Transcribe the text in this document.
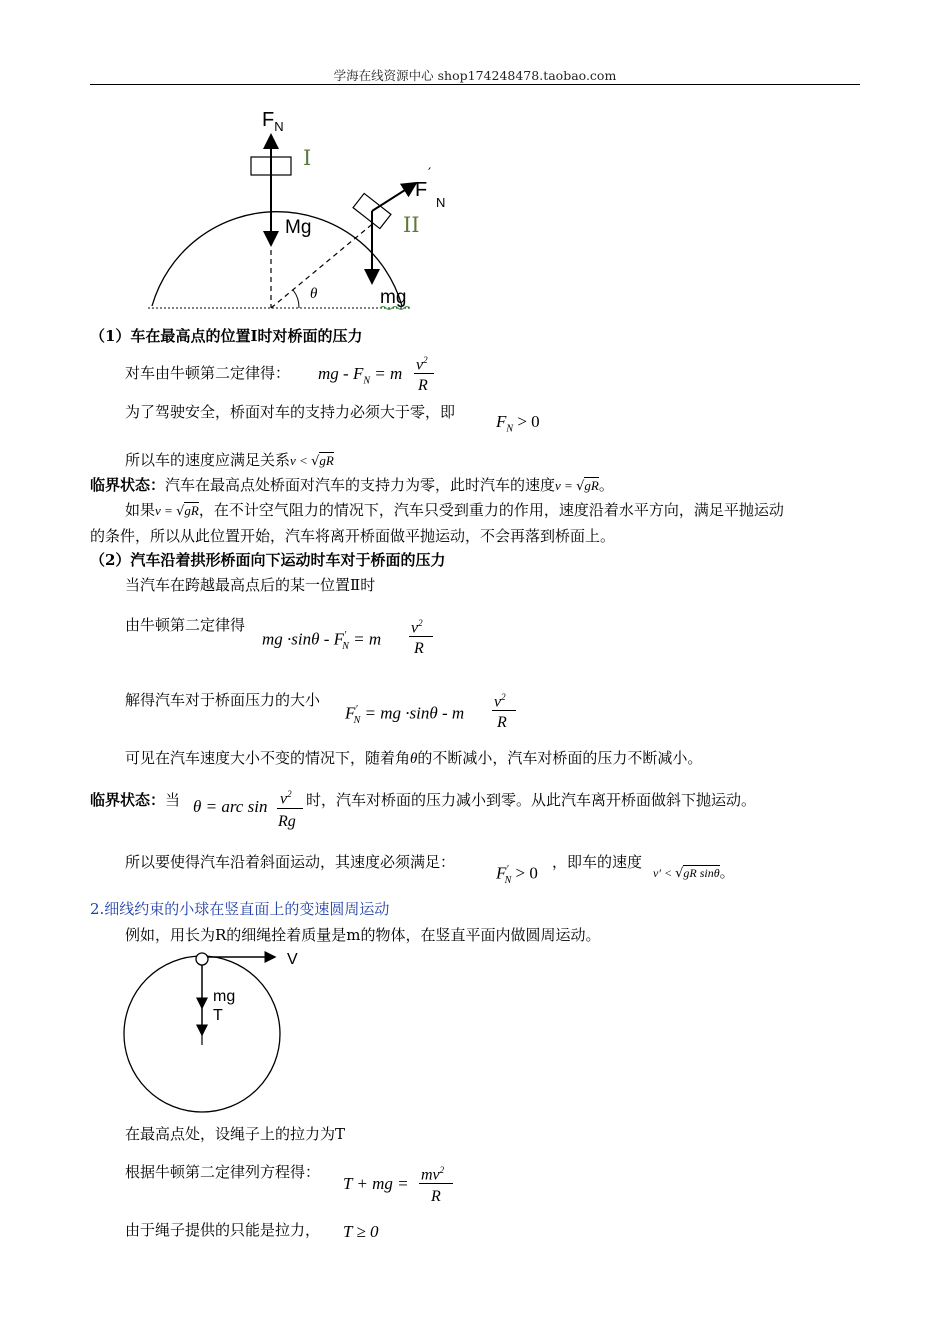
学海在线资源中心 shop174248478.taobao.com
$F_N$
I
Mg
F
′
N
II
mg
θ
（1）车在最高点的位置Ⅰ时对桥面的压力
对车由牛顿第二定律得： mg - $F_N = m$ $v^2$
R
为了驾驶安全，桥面对车的支持力必须大于零，即 $F_N > 0$
所以车的速度应满足关系v < √gR
临界状态：汽车在最高点处桥面对汽车的支持力为零，此时汽车的速度v = √gR。
如果v = √gR，在不计空气阻力的情况下，汽车只受到重力的作用，速度沿着水平方向，满足平抛运动
的条件，所以从此位置开始，汽车将离开桥面做平抛运动，不会再落到桥面上。
（2）汽车沿着拱形桥面向下运动时车对于桥面的压力
当汽车在跨越最高点后的某一位置Ⅱ时
由牛顿第二定律得
mg $\cdot\sin\theta - F'_N = m$
$v^2$
R
解得汽车对于桥面压力的大小
$F'_N$ = mg ·sinθ - m
$v^2$
R
可见在汽车速度大小不变的情况下，随着角θ的不断减小，汽车对桥面的压力不断减小。
临界状态：当 θ = arc $\sin v^2$
Rg
时，汽车对桥面的压力减小到零。从此汽车离开桥面做斜下抛运动。
所以要使得汽车沿着斜面运动，其速度必须满足：
$F'_N > 0$
，即车的速度
v′ < √gR sinθ。
2.细线约束的小球在竖直面上的变速圆周运动
例如，用长为R的细绳拴着质量是m的物体，在竖直平面内做圆周运动。
V
mg
T
在最高点处，设绳子上的拉力为T
根据牛顿第二定律列方程得：
T + mg = $mv^2$
R
由于绳子提供的只能是拉力， T ≥ 0
